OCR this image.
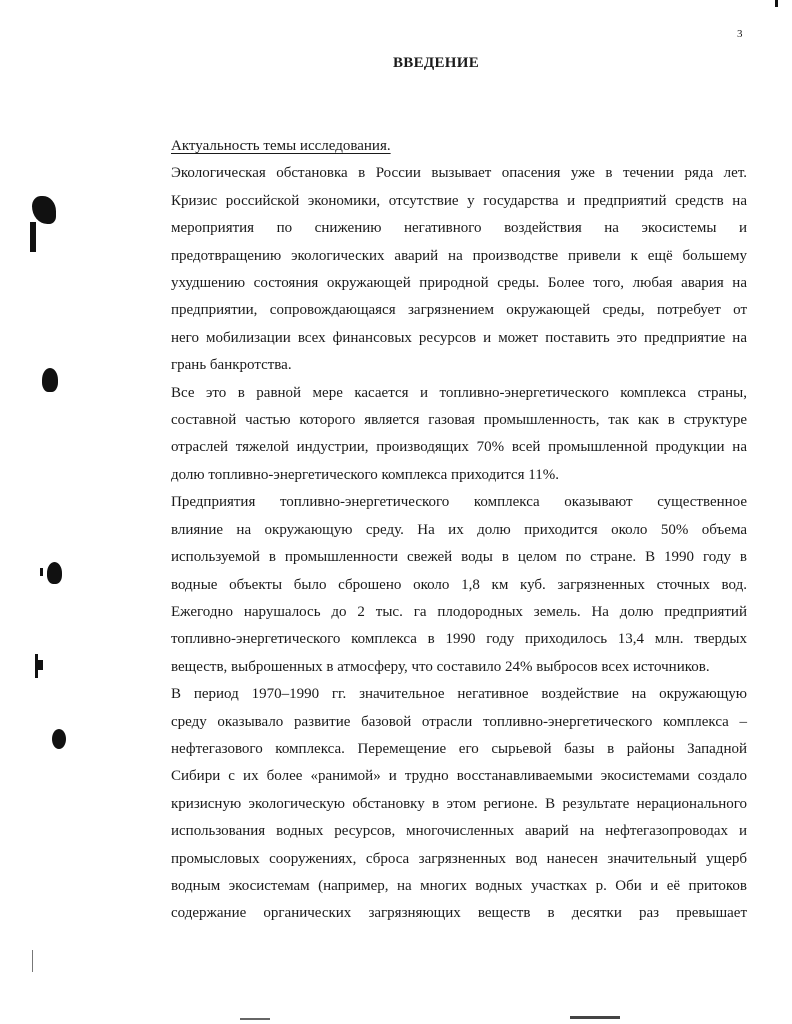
3
ВВЕДЕНИЕ

Актуальность темы исследования.

Экологическая обстановка в России вызывает опасения уже в течении ряда лет.
Кризис российской экономики, отсутствие у государства и предприятий средств на
мероприятия по снижению негативного воздействия на экосистемы и
предотвращению экологических аварий на производстве привели к ещё большему
ухудшению состояния окружающей природной среды. Более того, любая авария на
предприятии, сопровождающаяся загрязнением окружающей среды, потребует от
него мобилизации всех финансовых ресурсов и может поставить это предприятие на
грань банкротства.

Все это в равной мере касается и топливно-энергетического комплекса страны,
составной частью которого является газовая промышленность, так как в структуре
отраслей тяжелой индустрии, производящих 70% всей промышленной продукции на
долю топливно-энергетического комплекса приходится 11%.

Предприятия топливно-энергетического комплекса оказывают существенное
влияние на окружающую среду. На их долю приходится около 50% объема
используемой в промышленности свежей воды в целом по стране. В 1990 году в
водные объекты было сброшено около 1,8 км куб. загрязненных сточных вод.
Ежегодно нарушалось до 2 тыс. га плодородных земель. На долю предприятий
топливно-энергетического комплекса в 1990 году приходилось 13,4 млн. твердых
веществ, выброшенных в атмосферу, что составило 24% выбросов всех источников.

В период 1970–1990 гг. значительное негативное воздействие на окружающую
среду оказывало развитие базовой отрасли топливно-энергетического комплекса –
нефтегазового комплекса. Перемещение его сырьевой базы в районы Западной
Сибири с их более «ранимой» и трудно восстанавливаемыми экосистемами создало
кризисную экологическую обстановку в этом регионе. В результате нерационального
использования водных ресурсов, многочисленных аварий на нефтегазопроводах и
промысловых сооружениях, сброса загрязненных вод нанесен значительный ущерб
водным экосистемам (например, на многих водных участках р. Оби и её притоков
содержание органических загрязняющих веществ в десятки раз превышает
